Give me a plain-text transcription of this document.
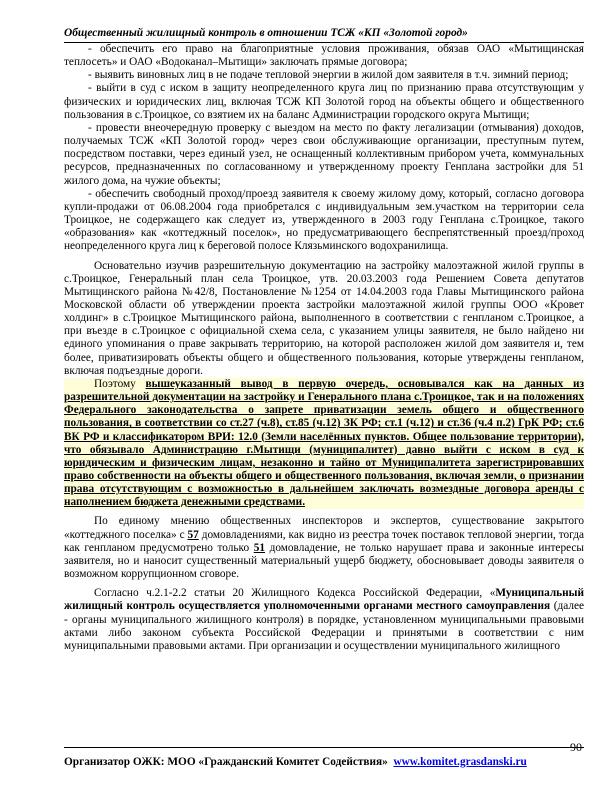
Общественный жилищный контроль в отношении ТСЖ «КП «Золотой город»

- обеспечить его право на благоприятные условия проживания, обязав ОАО «Мытищинская теплосеть» и ОАО «Водоканал–Мытищи» заключать прямые договора;

- выявить виновных лиц в не подаче тепловой энергии в жилой дом заявителя в т.ч. зимний период;

- выйти в суд с иском в защиту неопределенного круга лиц по признанию права отсутствующим у физических и юридических лиц, включая ТСЖ КП Золотой город на объекты общего и общественного пользования в с.Троицкое, со взятием их на баланс Администрации городского округа Мытищи;

- провести внеочередную проверку с выездом на место по факту легализации (отмывания) доходов, получаемых ТСЖ «КП Золотой город» через свои обслуживающие организации, преступным путем, посредством поставки, через единый узел, не оснащенный коллективным прибором учета, коммунальных ресурсов, предназначенных по согласованному и утвержденному проекту Генплана застройки для 51 жилого дома, на чужие объекты;

- обеспечить свободный проход/проезд заявителя к своему жилому дому, который, согласно договора купли-продажи от 06.08.2004 года приобретался с индивидуальным зем.участком на территории села Троицкое, не содержащего как следует из, утвержденного в 2003 году Генплана с.Троицкое, такого «образования» как «коттеджный поселок», но предусматривающего беспрепятственный проезд/проход неопределенного круга лиц к береговой полосе Клязьминского водохранилища.

Основательно изучив разрешительную документацию на застройку малоэтажной жилой группы в с.Троицкое, Генеральный план села Троицкое, утв. 20.03.2003 года Решением Совета депутатов Мытищинского района №42/8, Постановление №1254 от 14.04.2003 года Главы Мытищинского района Московской области об утверждении проекта застройки малоэтажной жилой группы ООО «Кровет холдинг» в с.Троицкое Мытищинского района, выполненного в соответствии с генпланом с.Троицкое, а при въезде в с.Троицкое с официальной схема села, с указанием улицы заявителя, не было найдено ни единого упоминания о праве закрывать территорию, на которой расположен жилой дом заявителя и, тем более, приватизировать объекты общего и общественного пользования, которые утверждены генпланом, включая подъездные дороги.

Поэтому вышеуказанный вывод в первую очередь, основывался как на данных из разрешительной документации на застройку и Генерального плана с.Троицкое, так и на положениях Федерального законодательства о запрете приватизации земель общего и общественного пользования, в соответствии со ст.27 (ч.8), ст.85 (ч.12) ЗК РФ; ст.1 (ч.12) и ст.36 (ч.4 п.2) ГрК РФ; ст.6 ВК РФ и классификатором ВРИ: 12.0 (Земли населённых пунктов. Общее пользование территории), что обязывало Администрацию г.Мытищи (муниципалитет) давно выйти с иском в суд к юридическим и физическим лицам, незаконно и тайно от Муниципалитета зарегистрировавших право собственности на объекты общего и общественного пользования, включая земли, о признании права отсутствующим с возможностью в дальнейшем заключать возмездные договора аренды с наполнением бюджета денежными средствами.

По единому мнению общественных инспекторов и экспертов, существование закрытого «коттеджного поселка» с 57 домовладениями, как видно из реестра точек поставок тепловой энергии, тогда как генпланом предусмотрено только 51 домовладение, не только нарушает права и законные интересы заявителя, но и наносит существенный материальный ущерб бюджету, обосновывает доводы заявителя о возможном коррупционном сговоре.

Согласно ч.2.1-2.2 статьи 20 Жилищного Кодекса Российской Федерации, «Муниципальный жилищный контроль осуществляется уполномоченными органами местного самоуправления (далее - органы муниципального жилищного контроля) в порядке, установленном муниципальными правовыми актами либо законом субъекта Российской Федерации и принятыми в соответствии с ним муниципальными правовыми актами. При организации и осуществлении муниципального жилищного

90
Организатор ОЖК: МОО «Гражданский Комитет Содействия» www.komitet.grasdanski.ru
